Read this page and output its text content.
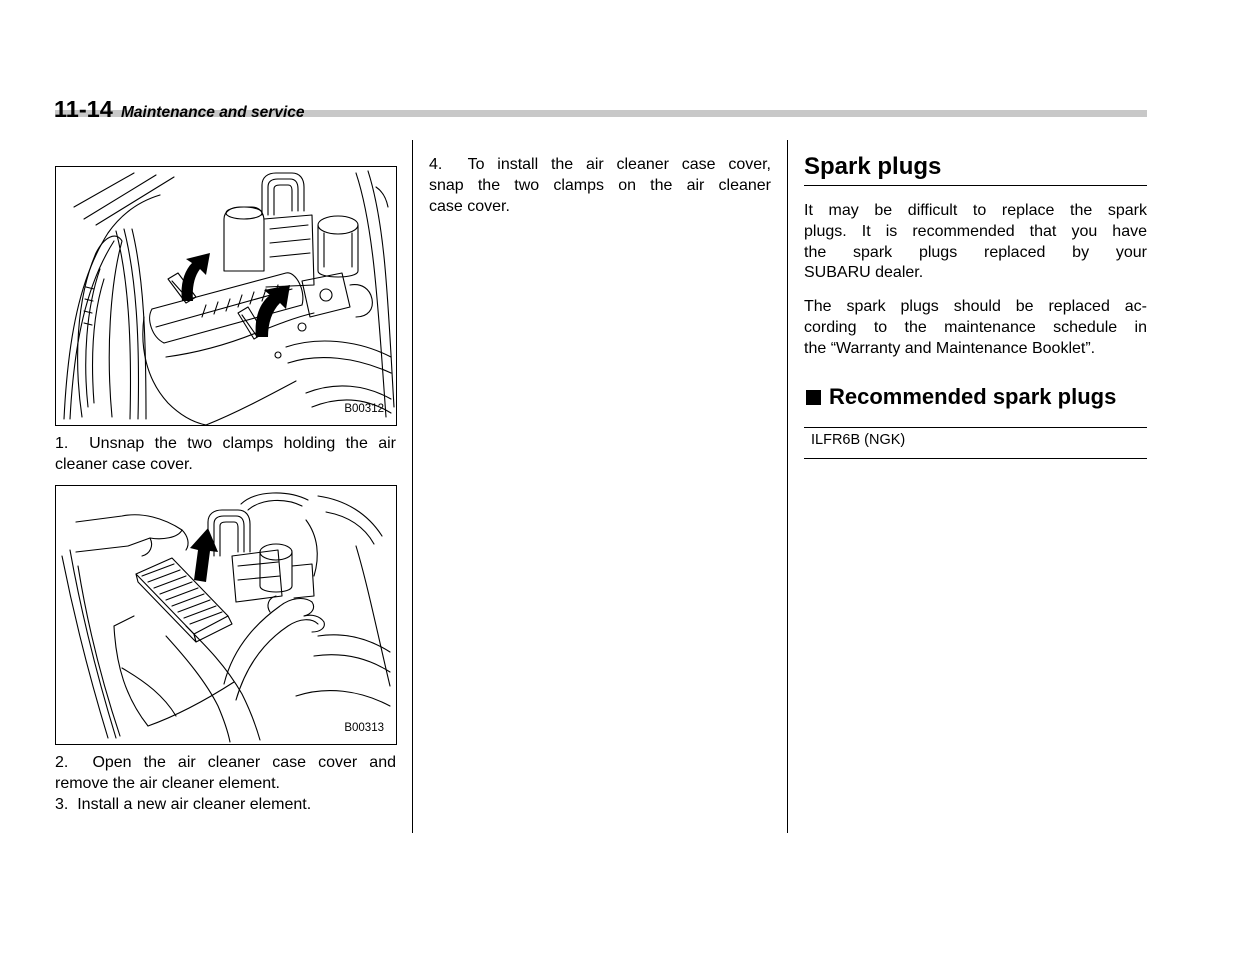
11-14 Maintenance and service
B00312
1.  Unsnap the two clamps holding the air
cleaner case cover.
B00313
2.  Open the air cleaner case cover and
remove the air cleaner element.
3.  Install a new air cleaner element.
4.  To install the air cleaner case cover,
snap the two clamps on the air cleaner
case cover.
Spark plugs
It may be difficult to replace the spark
plugs. It is recommended that you have
the spark plugs replaced by your
SUBARU dealer.
The spark plugs should be replaced ac-
cording to the maintenance schedule in
the “Warranty and Maintenance Booklet”.
Recommended spark plugs
ILFR6B (NGK)
